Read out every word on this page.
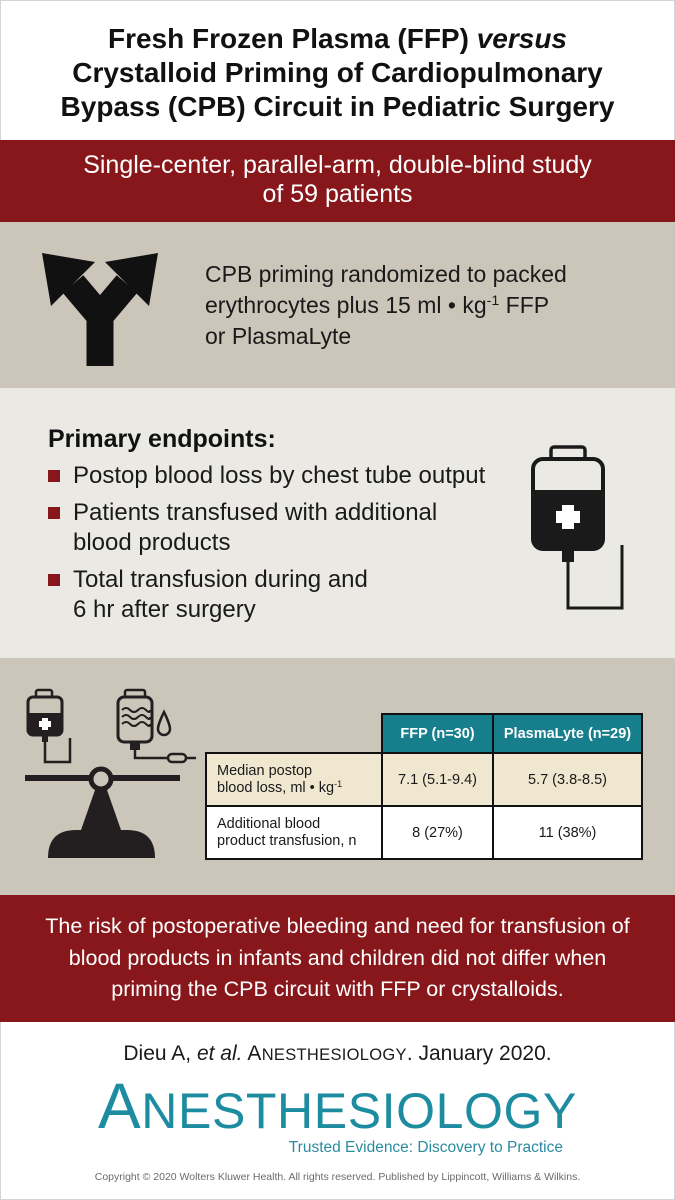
Fresh Frozen Plasma (FFP) versus
Crystalloid Priming of Cardiopulmonary
Bypass (CPB) Circuit in Pediatric Surgery
Single-center, parallel-arm, double-blind study
of 59 patients
CPB priming randomized to packed
erythrocytes plus 15 ml • $kg^{-1}$ FFP
or PlasmaLyte
Primary endpoints:
Postop blood loss by chest tube output
Patients transfused with additional
blood products
Total transfusion during and
6 hr after surgery
	FFP (n=30)	PlasmaLyte (n=29)

Median postop
blood loss, ml • $kg^{-1}$	7.1 (5.1-9.4)	5.7 (3.8-8.5)

Additional blood
product transfusion, n	8 (27%)	11 (38%)
The risk of postoperative bleeding and need for transfusion of
blood products in infants and children did not differ when
priming the CPB circuit with FFP or crystalloids.
Dieu A, et al. ANESTHESIOLOGY. January 2020.
ANESTHESIOLOGY
Trusted Evidence: Discovery to Practice
Copyright © 2020 Wolters Kluwer Health. All rights reserved. Published by Lippincott, Williams & Wilkins.
